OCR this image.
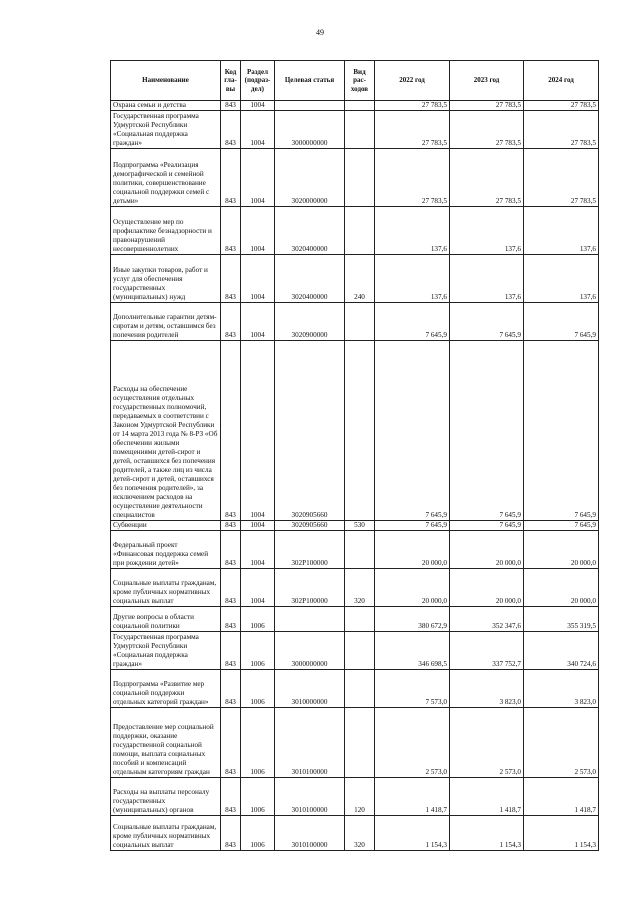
49
Наименование	Код гла- вы	Раздел (подраз- дел)	Целевая статья	Вид рас- ходов	2022 год	2023 год	2024 год
Охрана семьи и детства	843	1004			27 783,5	27 783,5	27 783,5
Государственная программа Удмуртской Республики «Социальная поддержка граждан»	843	1004	3000000000		27 783,5	27 783,5	27 783,5
Подпрограмма «Реализация демографической и семейной политики, совершенствование социальной поддержки семей с детьми»	843	1004	3020000000		27 783,5	27 783,5	27 783,5
Осуществление мер по профилактике безнадзорности и правонарушений несовершеннолетних	843	1004	3020400000		137,6	137,6	137,6
Иные закупки товаров, работ и услуг для обеспечения государственных (муниципальных) нужд	843	1004	3020400000	240	137,6	137,6	137,6
Дополнительные гарантии детям-сиротам и детям, оставшимся без попечения родителей	843	1004	3020900000		7 645,9	7 645,9	7 645,9
Расходы на обеспечение осуществления отдельных государственных полномочий, передаваемых в соответствии с Законом Удмуртской Республики от 14 марта 2013 года № 8-РЗ «Об обеспечении жилыми помещениями детей-сирот и детей, оставшихся без попечения родителей, а также лиц из числа детей-сирот и детей, оставшихся без попечения родителей», за исключением расходов на осуществление деятельности специалистов	843	1004	3020905660		7 645,9	7 645,9	7 645,9
Субвенции	843	1004	3020905660	530	7 645,9	7 645,9	7 645,9
Федеральный проект «Финансовая поддержка семей при рождении детей»	843	1004	302P100000		20 000,0	20 000,0	20 000,0
Социальные выплаты гражданам, кроме публичных нормативных социальных выплат	843	1004	302P100000	320	20 000,0	20 000,0	20 000,0
Другие вопросы в области социальной политики	843	1006			380 672,9	352 347,6	355 319,5
Государственная программа Удмуртской Республики «Социальная поддержка граждан»	843	1006	3000000000		346 698,5	337 752,7	340 724,6
Подпрограмма «Развитие мер социальной поддержки отдельных категорий граждан»	843	1006	3010000000		7 573,0	3 823,0	3 823,0
Предоставление мер социальной поддержки, оказание государственной социальной помощи, выплата социальных пособий и компенсаций отдельным категориям граждан	843	1006	3010100000		2 573,0	2 573,0	2 573,0
Расходы на выплаты персоналу государственных (муниципальных) органов	843	1006	3010100000	120	1 418,7	1 418,7	1 418,7
Социальные выплаты гражданам, кроме публичных нормативных социальных выплат	843	1006	3010100000	320	1 154,3	1 154,3	1 154,3
